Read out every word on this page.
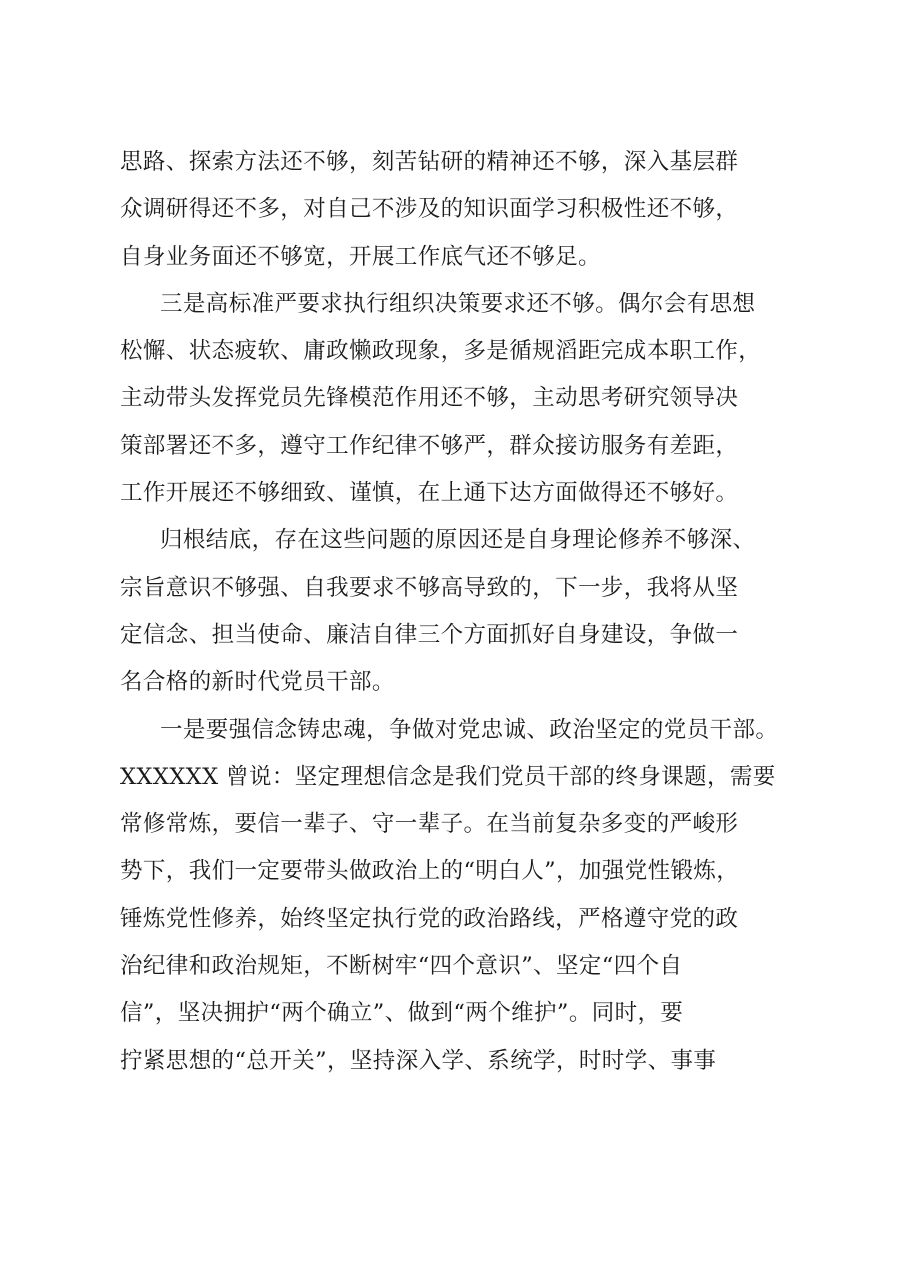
思路、探索方法还不够，刻苦钻研的精神还不够，深入基层群
众调研得还不多，对自己不涉及的知识面学习积极性还不够，
自身业务面还不够宽，开展工作底气还不够足。
三是高标准严要求执行组织决策要求还不够。偶尔会有思想
松懈、状态疲软、庸政懒政现象，多是循规滔距完成本职工作，
主动带头发挥党员先锋模范作用还不够，主动思考研究领导决
策部署还不多，遵守工作纪律不够严，群众接访服务有差距，
工作开展还不够细致、谨慎，在上通下达方面做得还不够好。
归根结底，存在这些问题的原因还是自身理论修养不够深、
宗旨意识不够强、自我要求不够高导致的，下一步，我将从坚
定信念、担当使命、廉洁自律三个方面抓好自身建设，争做一
名合格的新时代党员干部。
一是要强信念铸忠魂，争做对党忠诚、政治坚定的党员干部。
XXXXXX 曾说：坚定理想信念是我们党员干部的终身课题，需要
常修常炼，要信一辈子、守一辈子。在当前复杂多变的严峻形
势下，我们一定要带头做政治上的“明白人”，加强党性锻炼，
锤炼党性修养，始终坚定执行党的政治路线，严格遵守党的政
治纪律和政治规矩，不断树牢“四个意识”、坚定“四个自
信”，坚决拥护“两个确立”、做到“两个维护”。同时，要
拧紧思想的“总开关”，坚持深入学、系统学，时时学、事事
